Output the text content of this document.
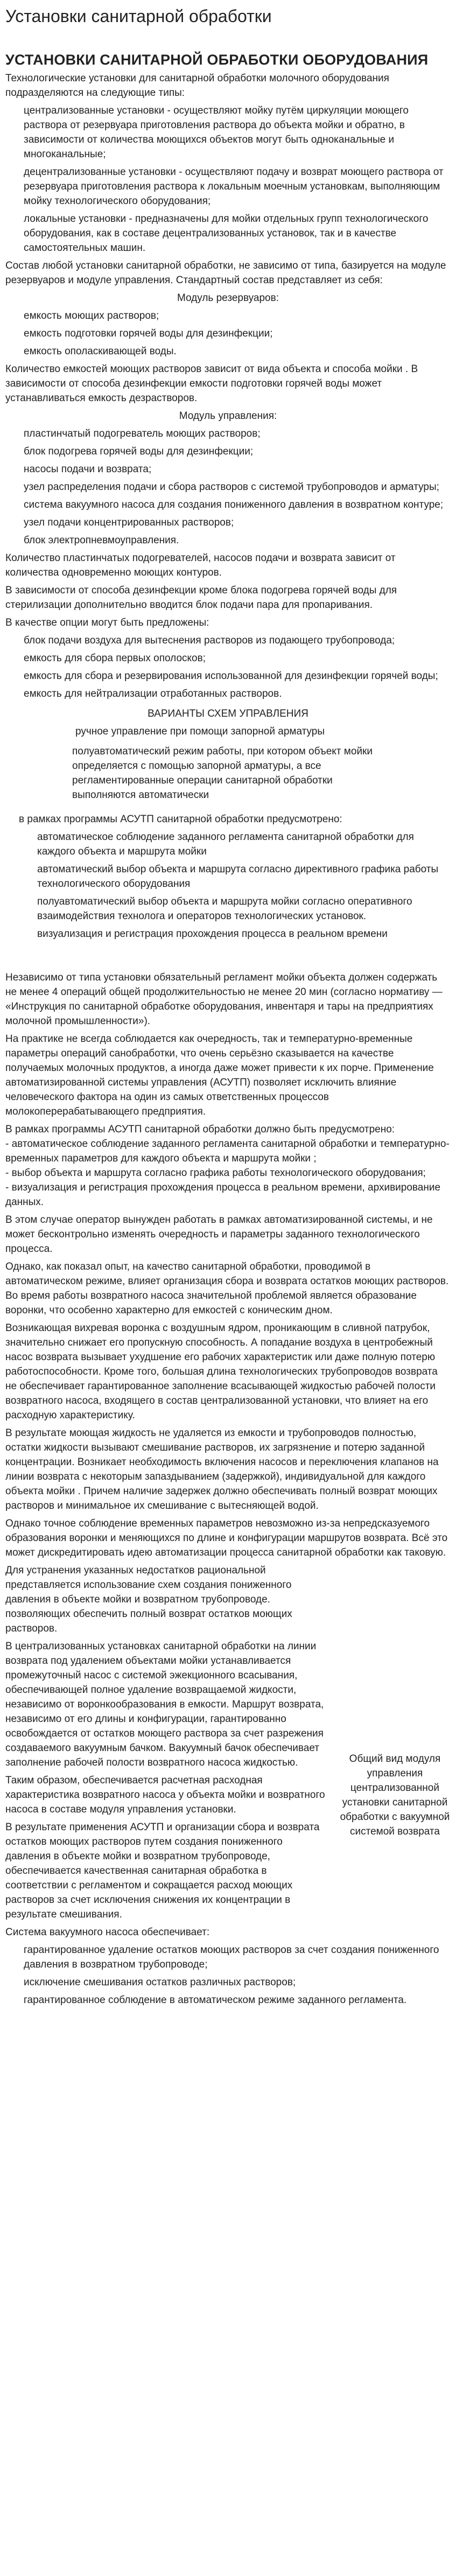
Установки санитарной обработки
УСТАНОВКИ САНИТАРНОЙ ОБРАБОТКИ ОБОРУДОВАНИЯ

Технологические установки для санитарной обработки молочного оборудования подразделяются на следующие типы:

централизованные установки - осуществляют мойку путём циркуляции моющего раствора от резервуара приготовления раствора до объекта мойки и обратно, в зависимости от количества моющихся объектов могут быть одноканальные и многоканальные;
децентрализованные установки - осуществляют подачу и возврат моющего раствора от резервуара приготовления раствора к локальным моечным установкам, выполняющим мойку технологического оборудования;
локальные установки - предназначены для мойки отдельных групп технологического оборудования, как в составе децентрализованных установок, так и в качестве самостоятельных машин.

Состав любой установки санитарной обработки, не зависимо от типа, базируется на модуле резервуаров и модуле управления. Стандартный состав представляет из себя:

Модуль резервуаров:

емкость моющих растворов;
емкость подготовки горячей воды для дезинфекции;
емкость ополаскивающей воды.

Количество емкостей моющих растворов зависит от вида объекта и способа мойки . В зависимости от способа дезинфекции емкости подготовки горячей воды может устанавливаться емкость дезрастворов.

Модуль управления:

пластинчатый подогреватель моющих растворов;
блок подогрева горячей воды для дезинфекции;
насосы подачи и возврата;
узел распределения подачи и сбора растворов с системой трубопроводов и арматуры;
система вакуумного насоса для создания пониженного давления в возвратном контуре;
узел подачи концентрированных растворов;
блок электропневмоуправления.

Количество пластинчатых подогревателей, насосов подачи и возврата зависит от количества одновременно моющих контуров.

В зависимости от способа дезинфекции кроме блока подогрева горячей воды для стерилизации дополнительно вводится блок подачи пара для пропаривания.

В качестве опции могут быть предложены:

блок подачи воздуха для вытеснения растворов из подающего трубопровода;
емкость для сбора первых ополосков;
емкость для сбора и резервирования использованной для дезинфекции горячей воды;
емкость для нейтрализации отработанных растворов.
ВАРИАНТЫ СХЕМ УПРАВЛЕНИЯ
ручное управление при помощи запорной арматуры
полуавтоматический режим работы, при котором объект мойки определяется с помощью запорной арматуры, а все регламентированные операции санитарной обработки выполняются автоматически

в рамках программы АСУТП санитарной обработки предусмотрено:

автоматическое соблюдение заданного регламента санитарной обработки для каждого объекта и маршрута мойки
автоматический выбор объекта и маршрута согласно директивного графика работы технологического оборудования
полуавтоматический выбор объекта и маршрута мойки согласно оперативного взаимодействия технолога и операторов технологических установок.
визуализация и регистрация прохождения процесса в реальном времени

Независимо от типа установки обязательный регламент мойки объекта должен содержать не менее 4 операций общей продолжительностью не менее 20 мин (согласно нормативу — «Инструкция по санитарной обработке оборудования, инвентаря и тары на предприятиях молочной промышленности»).

На практике не всегда соблюдается как очередность, так и температурно-временные параметры операций санобработки, что очень серьёзно сказывается на качестве получаемых молочных продуктов, а иногда даже может привести к их порче. Применение автоматизированной системы управления (АСУТП) позволяет исключить влияние человеческого фактора на один из самых ответственных процессов молокоперерабатывающего предприятия.

В рамках программы АСУТП санитарной обработки должно быть предусмотрено:
- автоматическое соблюдение заданного регламента санитарной обработки и температурно-временных параметров для каждого объекта и маршрута мойки ;
- выбор объекта и маршрута согласно графика работы технологического оборудования;
- визуализация и регистрация прохождения процесса в реальном времени, архивирование данных.

В этом случае оператор вынужден работать в рамках автоматизированной системы, и не может бесконтрольно изменять очередность и параметры заданного технологического процесса.

Однако, как показал опыт, на качество санитарной обработки, проводимой в автоматическом режиме, влияет организация сбора и возврата остатков моющих растворов. Во время работы возвратного насоса значительной проблемой является образование воронки, что особенно характерно для емкостей с коническим дном.

Возникающая вихревая воронка с воздушным ядром, проникающим в сливной патрубок, значительно снижает его пропускную способность. А попадание воздуха в центробежный насос возврата вызывает ухудшение его рабочих характеристик или даже полную потерю работоспособности. Кроме того, большая длина технологических трубопроводов возврата не обеспечивает гарантированное заполнение всасывающей жидкостью рабочей полости возвратного насоса, входящего в состав централизованной установки, что влияет на его расходную характеристику.

В результате моющая жидкость не удаляется из емкости и трубопроводов полностью, остатки жидкости вызывают смешивание растворов, их загрязнение и потерю заданной концентрации. Возникает необходимость включения насосов и переключения клапанов на линии возврата с некоторым запаздыванием (задержкой), индивидуальной для каждого объекта мойки . Причем наличие задержек должно обеспечивать полный возврат моющих растворов и минимальное их смешивание с вытесняющей водой.

Однако точное соблюдение временных параметров невозможно из-за непредсказуемого образования воронки и меняющихся по длине и конфигурации маршрутов возврата. Всё это может дискредитировать идею автоматизации процесса санитарной обработки как таковую.

Для устранения указанных недостатков рациональной представляется использование схем создания пониженного давления в объекте мойки и возвратном трубопроводе. позволяющих обеспечить полный возврат остатков моющих растворов.

В централизованных установках санитарной обработки на линии возврата под удалением объектами мойки устанавливается промежуточный насос с системой эжекционного всасывания, обеспечивающей полное удаление возвращаемой жидкости, независимо от воронкообразования в емкости. Маршрут возврата, независимо от его длины и конфигурации, гарантированно освобождается от остатков моющего раствора за счет разрежения создаваемого вакуумным бачком. Вакуумный бачок обеспечивает заполнение рабочей полости возвратного насоса жидкостью.

Таким образом, обеспечивается расчетная расходная характеристика возвратного насоса у объекта мойки и возвратного насоса в составе модуля управления установки.

В результате применения АСУТП и организации сбора и возврата остатков моющих растворов путем создания пониженного давления в объекте мойки и возвратном трубопроводе, обеспечивается качественная санитарная обработка в соответствии с регламентом и сокращается расход моющих растворов за счет исключения снижения их концентрации в результате смешивания.

Общий вид модуля управления централизованной установки санитарной обработки с вакуумной системой возврата

Система вакуумного насоса обеспечивает:

гарантированное удаление остатков моющих растворов за счет создания пониженного давления в возвратном трубопроводе;
исключение смешивания остатков различных растворов;
гарантированное соблюдение в автоматическом режиме заданного регламента.
